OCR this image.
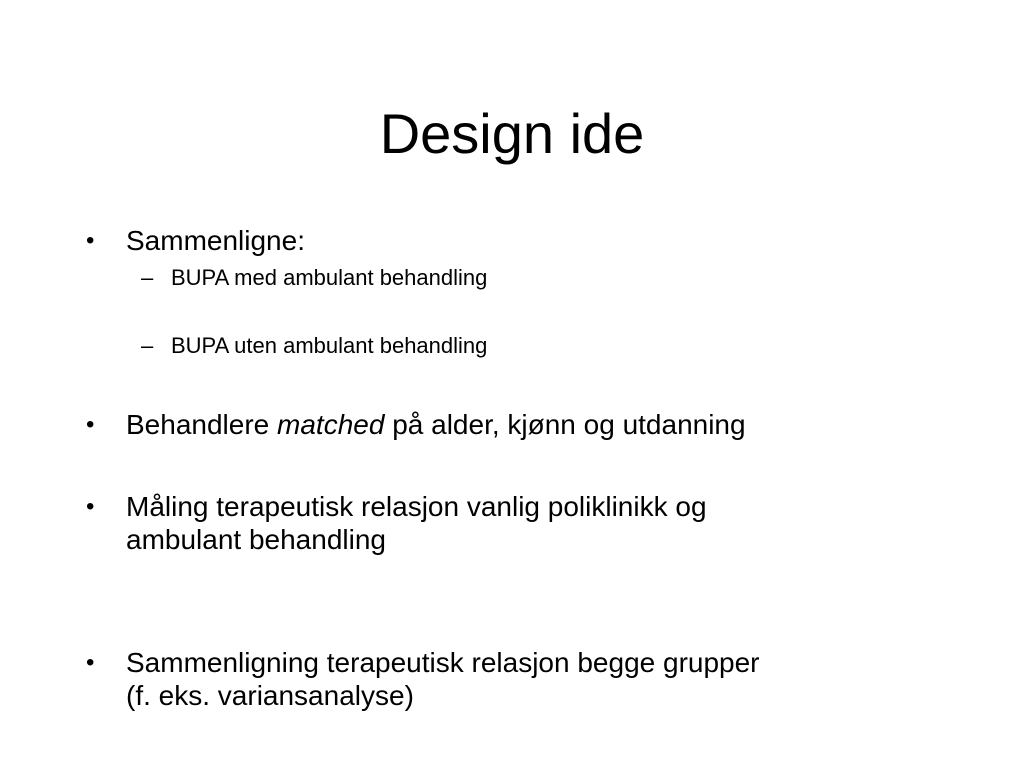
Design ide
•	Sammenligne:
– BUPA med ambulant behandling
– BUPA uten ambulant behandling
•	Behandlere matched på alder, kjønn og utdanning
•	Måling terapeutisk relasjon vanlig poliklinikk og
ambulant behandling
•	Sammenligning terapeutisk relasjon begge grupper
(f. eks. variansanalyse)
